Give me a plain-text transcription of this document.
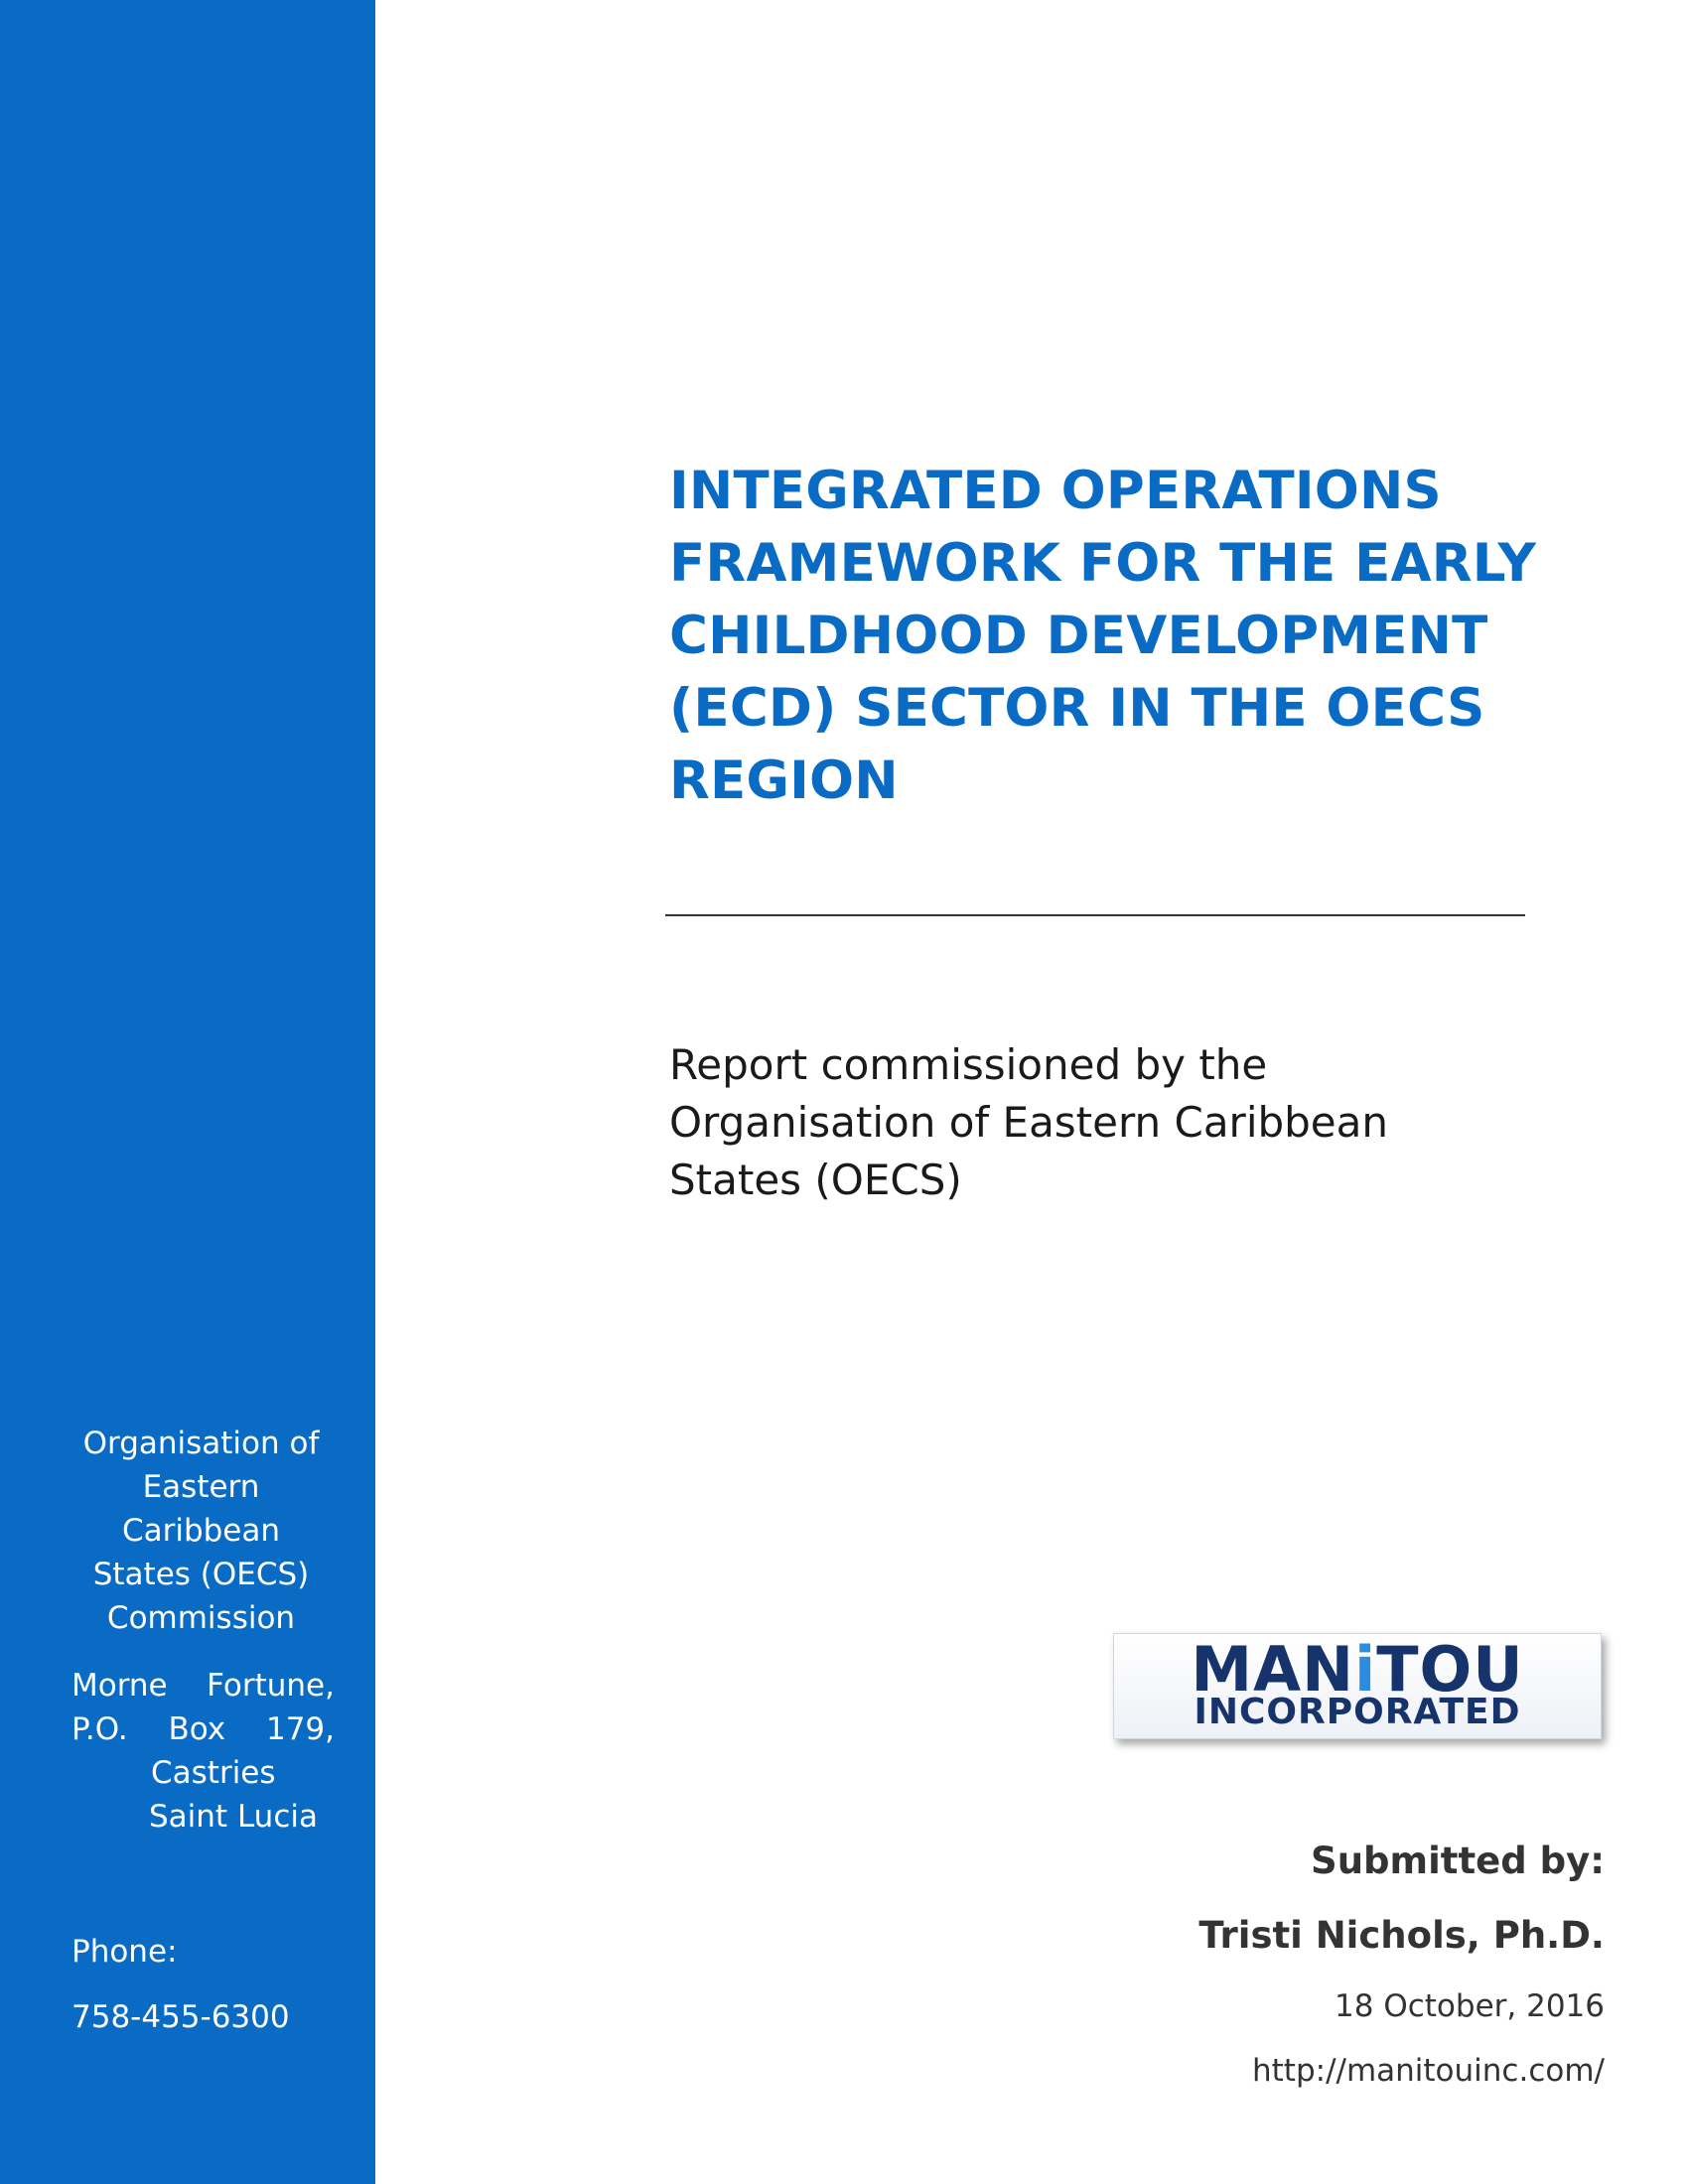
Organisation of
Eastern
Caribbean
States (OECS)
Commission
Morne Fortune,
P.O. Box 179,
Castries
Saint Lucia
Phone:
758-455-6300
INTEGRATED OPERATIONS
FRAMEWORK FOR THE EARLY
CHILDHOOD DEVELOPMENT
(ECD) SECTOR IN THE OECS
REGION
Report commissioned by the
Organisation of Eastern Caribbean
States (OECS)
MANiTOU
INCORPORATED
Submitted by:
Tristi Nichols, Ph.D.
18 October, 2016
http://manitouinc.com/
